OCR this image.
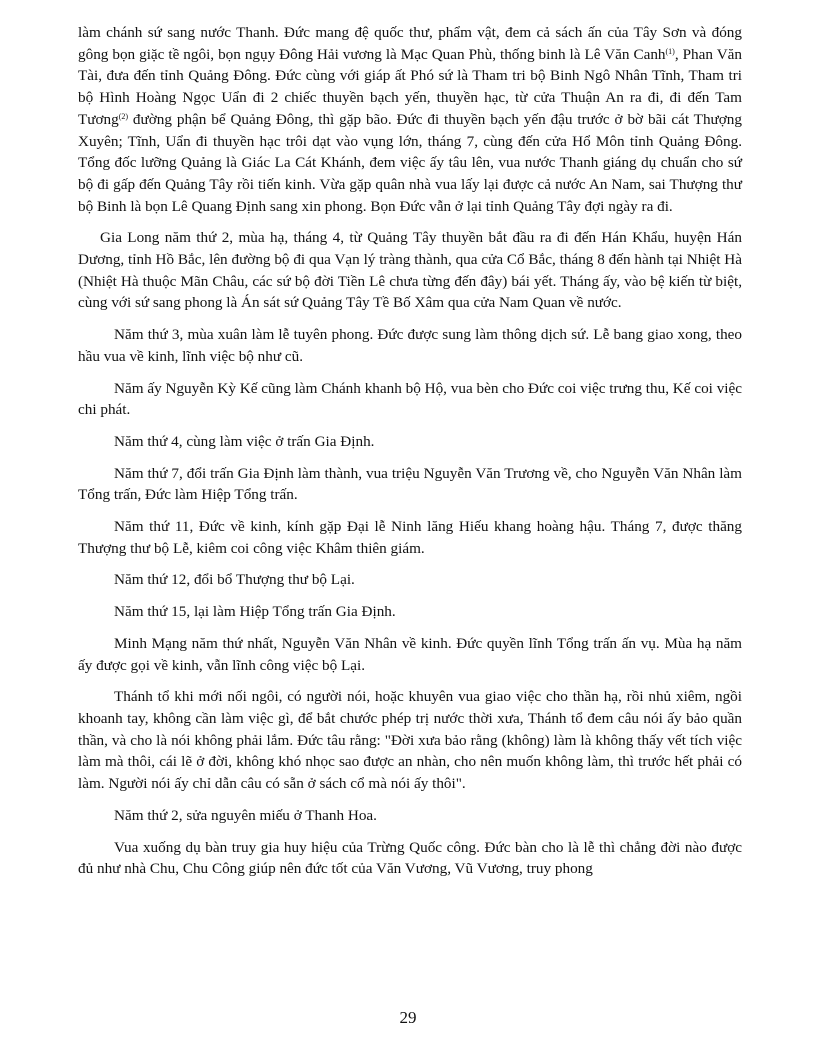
làm chánh sứ sang nước Thanh. Đức mang đệ quốc thư, phẩm vật, đem cả sách ấn của Tây Sơn và đóng gông bọn giặc tề ngôi, bọn ngụy Đông Hải vương là Mạc Quan Phù, thống binh là Lê Văn Canh$^{(1)}$, Phan Văn Tài, đưa đến tỉnh Quảng Đông. Đức cùng với giáp ất Phó sứ là Tham tri bộ Binh Ngô Nhân Tĩnh, Tham tri bộ Hình Hoàng Ngọc Uẩn đi 2 chiếc thuyền bạch yến, thuyền hạc, từ cửa Thuận An ra đi, đi đến Tam Tương$^{(2)}$ đường phận bể Quảng Đông, thì gặp bão. Đức đi thuyền bạch yến đậu trước ở bờ bãi cát Thượng Xuyên; Tĩnh, Uẩn đi thuyền hạc trôi dạt vào vụng lớn, tháng 7, cùng đến cửa Hổ Môn tỉnh Quảng Đông. Tổng đốc lưỡng Quảng là Giác La Cát Khánh, đem việc ấy tâu lên, vua nước Thanh giáng dụ chuẩn cho sứ bộ đi gấp đến Quảng Tây rồi tiến kinh. Vừa gặp quân nhà vua lấy lại được cả nước An Nam, sai Thượng thư bộ Binh là bọn Lê Quang Định sang xin phong. Bọn Đức vẫn ở lại tỉnh Quảng Tây đợi ngày ra đi.

Gia Long năm thứ 2, mùa hạ, tháng 4, từ Quảng Tây thuyền bắt đầu ra đi đến Hán Khẩu, huyện Hán Dương, tỉnh Hồ Bắc, lên đường bộ đi qua Vạn lý tràng thành, qua cửa Cổ Bắc, tháng 8 đến hành tại Nhiệt Hà (Nhiệt Hà thuộc Mãn Châu, các sứ bộ đời Tiền Lê chưa từng đến đây) bái yết. Tháng ấy, vào bệ kiến từ biệt, cùng với sứ sang phong là Án sát sứ Quảng Tây Tề Bố Xâm qua cửa Nam Quan về nước.

Năm thứ 3, mùa xuân làm lễ tuyên phong. Đức được sung làm thông dịch sứ. Lễ bang giao xong, theo hầu vua về kinh, lĩnh việc bộ như cũ.

Năm ấy Nguyễn Kỳ Kế cũng làm Chánh khanh bộ Hộ, vua bèn cho Đức coi việc trưng thu, Kế coi việc chi phát.

Năm thứ 4, cùng làm việc ở trấn Gia Định.

Năm thứ 7, đổi trấn Gia Định làm thành, vua triệu Nguyễn Văn Trương về, cho Nguyễn Văn Nhân làm Tổng trấn, Đức làm Hiệp Tổng trấn.

Năm thứ 11, Đức về kinh, kính gặp Đại lễ Ninh lăng Hiếu khang hoàng hậu. Tháng 7, được thăng Thượng thư bộ Lễ, kiêm coi công việc Khâm thiên giám.

Năm thứ 12, đổi bổ Thượng thư bộ Lại.

Năm thứ 15, lại làm Hiệp Tổng trấn Gia Định.

Minh Mạng năm thứ nhất, Nguyễn Văn Nhân về kinh. Đức quyền lĩnh Tổng trấn ấn vụ. Mùa hạ năm ấy được gọi về kinh, vẫn lĩnh công việc bộ Lại.

Thánh tổ khi mới nối ngôi, có người nói, hoặc khuyên vua giao việc cho thần hạ, rồi nhủ xiêm, ngồi khoanh tay, không cần làm việc gì, để bắt chước phép trị nước thời xưa, Thánh tổ đem câu nói ấy bảo quần thần, và cho là nói không phải lắm. Đức tâu rằng: "Đời xưa bảo rằng (không) làm là không thấy vết tích việc làm mà thôi, cái lẽ ở đời, không khó nhọc sao được an nhàn, cho nên muốn không làm, thì trước hết phải có làm. Người nói ấy chỉ dẫn câu có sẵn ở sách cổ mà nói ấy thôi".

Năm thứ 2, sửa nguyên miếu ở Thanh Hoa.

Vua xuống dụ bàn truy gia huy hiệu của Trừng Quốc công. Đức bàn cho là lễ thì chẳng đời nào được đủ như nhà Chu, Chu Công giúp nên đức tốt của Văn Vương, Vũ Vương, truy phong

29
